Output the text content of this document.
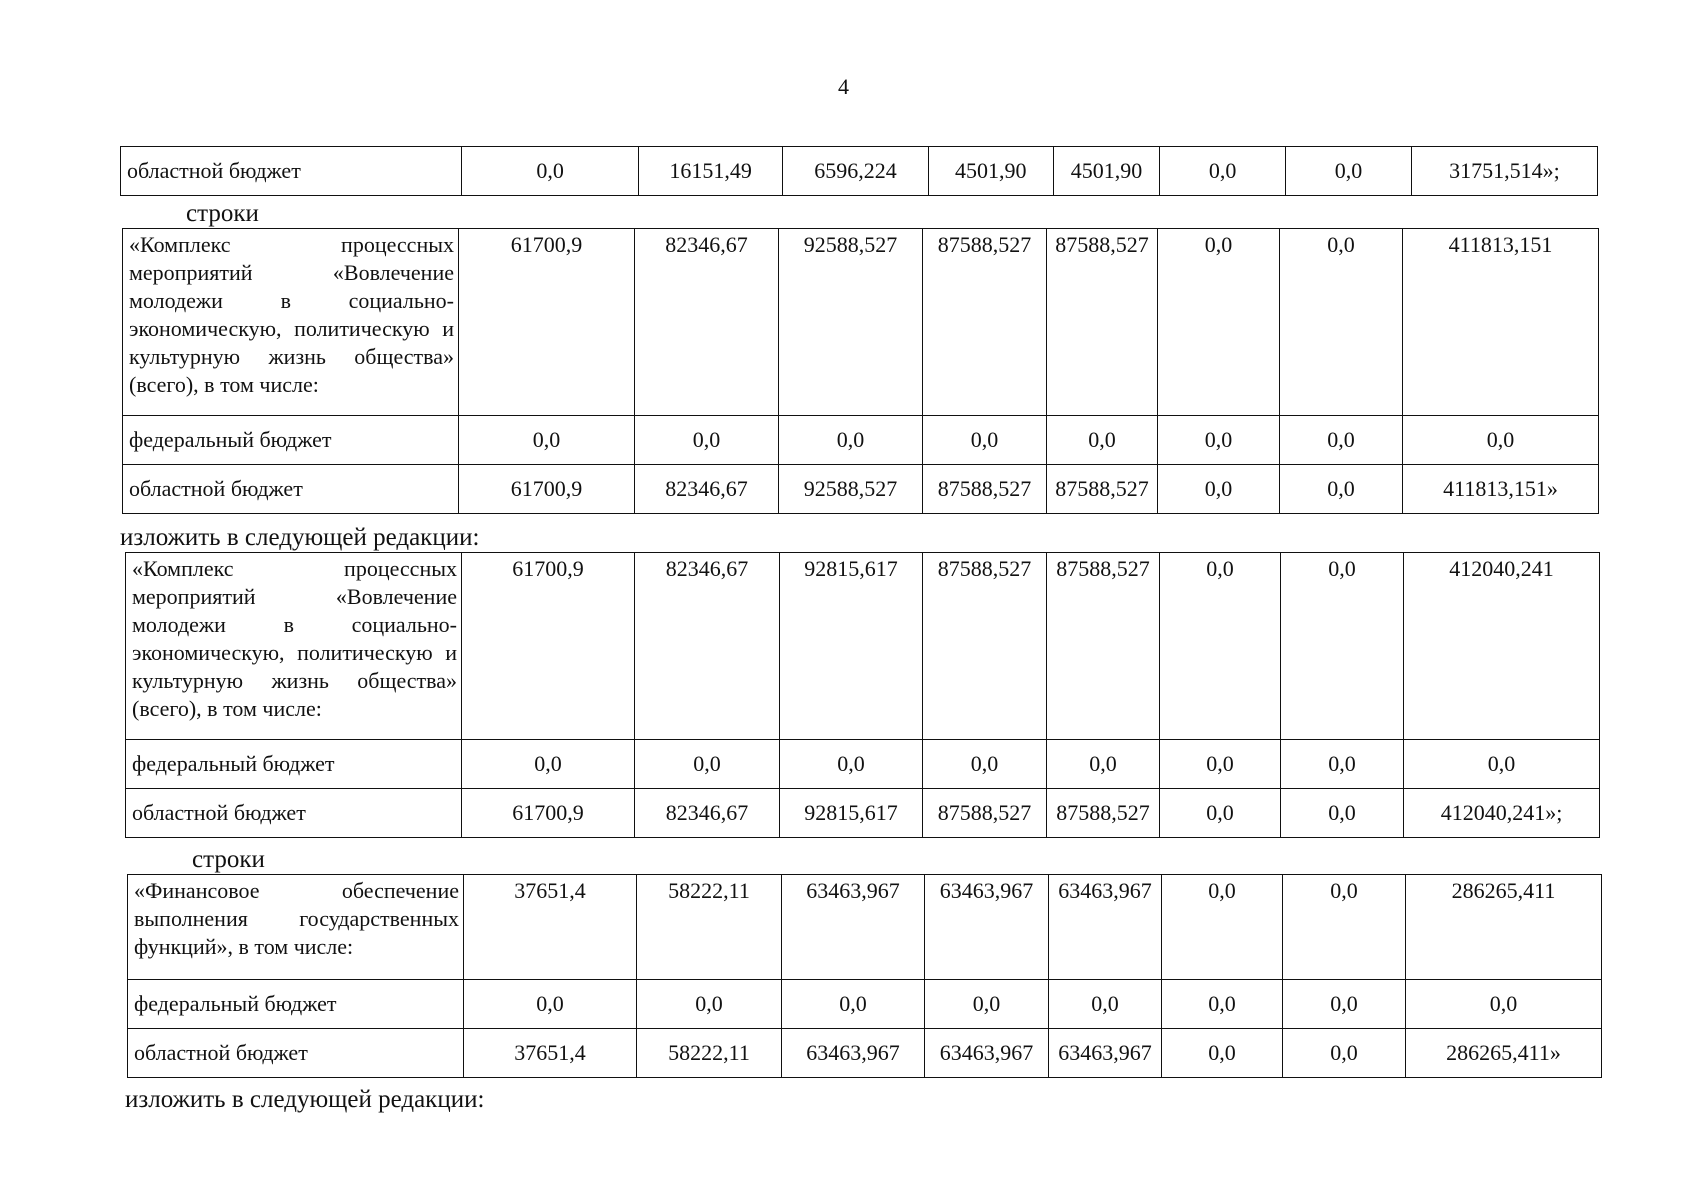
4
областной бюджет	0,0	16151,49	6596,224	4501,90	4501,90	0,0	0,0	31751,514»;
строки
«Комплекс процессных мероприятий «Вовлечение молодежи в социально-экономическую, политическую и культурную жизнь общества» (всего), в том числе:	61700,9	82346,67	92588,527	87588,527	87588,527	0,0	0,0	411813,151
федеральный бюджет	0,0	0,0	0,0	0,0	0,0	0,0	0,0	0,0
областной бюджет	61700,9	82346,67	92588,527	87588,527	87588,527	0,0	0,0	411813,151»
изложить в следующей редакции:
«Комплекс процессных мероприятий «Вовлечение молодежи в социально-экономическую, политическую и культурную жизнь общества» (всего), в том числе:	61700,9	82346,67	92815,617	87588,527	87588,527	0,0	0,0	412040,241
федеральный бюджет	0,0	0,0	0,0	0,0	0,0	0,0	0,0	0,0
областной бюджет	61700,9	82346,67	92815,617	87588,527	87588,527	0,0	0,0	412040,241»;
строки
«Финансовое обеспечение выполнения государственных функций», в том числе:	37651,4	58222,11	63463,967	63463,967	63463,967	0,0	0,0	286265,411
федеральный бюджет	0,0	0,0	0,0	0,0	0,0	0,0	0,0	0,0
областной бюджет	37651,4	58222,11	63463,967	63463,967	63463,967	0,0	0,0	286265,411»
изложить в следующей редакции:
